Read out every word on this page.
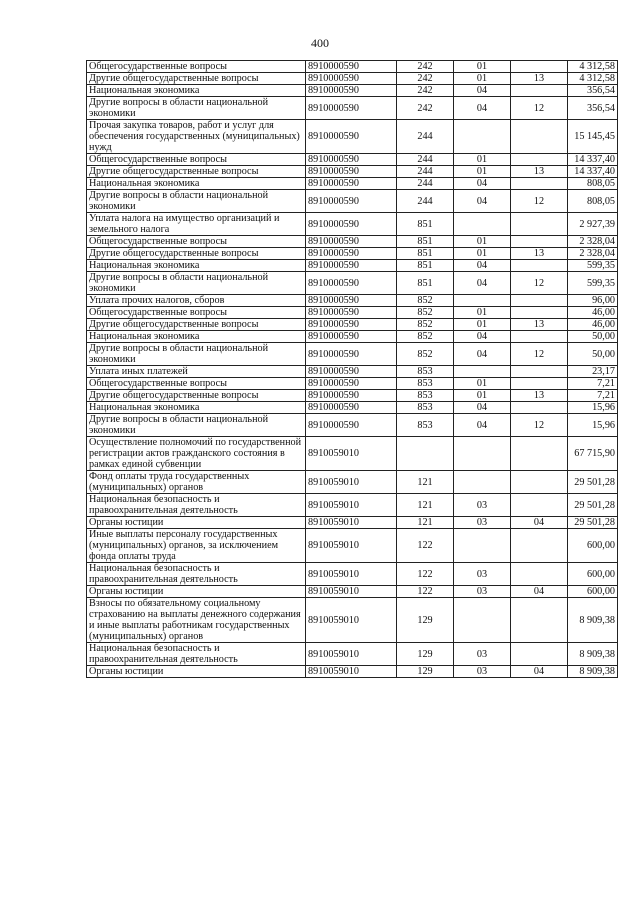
400
Общегосударственные вопросы	8910000590	242	01		4 312,58
Другие общегосударственные вопросы	8910000590	242	01	13	4 312,58
Национальная экономика	8910000590	242	04		356,54
Другие вопросы в области национальной экономики	8910000590	242	04	12	356,54
Прочая закупка товаров, работ и услуг для обеспечения государственных (муниципальных) нужд	8910000590	244			15 145,45
Общегосударственные вопросы	8910000590	244	01		14 337,40
Другие общегосударственные вопросы	8910000590	244	01	13	14 337,40
Национальная экономика	8910000590	244	04		808,05
Другие вопросы в области национальной экономики	8910000590	244	04	12	808,05
Уплата налога на имущество организаций и земельного налога	8910000590	851			2 927,39
Общегосударственные вопросы	8910000590	851	01		2 328,04
Другие общегосударственные вопросы	8910000590	851	01	13	2 328,04
Национальная экономика	8910000590	851	04		599,35
Другие вопросы в области национальной экономики	8910000590	851	04	12	599,35
Уплата прочих налогов, сборов	8910000590	852			96,00
Общегосударственные вопросы	8910000590	852	01		46,00
Другие общегосударственные вопросы	8910000590	852	01	13	46,00
Национальная экономика	8910000590	852	04		50,00
Другие вопросы в области национальной экономики	8910000590	852	04	12	50,00
Уплата иных платежей	8910000590	853			23,17
Общегосударственные вопросы	8910000590	853	01		7,21
Другие общегосударственные вопросы	8910000590	853	01	13	7,21
Национальная экономика	8910000590	853	04		15,96
Другие вопросы в области национальной экономики	8910000590	853	04	12	15,96
Осуществление полномочий по государственной регистрации актов гражданского состояния в рамках единой субвенции	8910059010				67 715,90
Фонд оплаты труда государственных (муниципальных) органов	8910059010	121			29 501,28
Национальная безопасность и правоохранительная деятельность	8910059010	121	03		29 501,28
Органы юстиции	8910059010	121	03	04	29 501,28
Иные выплаты персоналу государственных (муниципальных) органов, за исключением фонда оплаты труда	8910059010	122			600,00
Национальная безопасность и правоохранительная деятельность	8910059010	122	03		600,00
Органы юстиции	8910059010	122	03	04	600,00
Взносы по обязательному социальному страхованию на выплаты денежного содержания и иные выплаты работникам государственных (муниципальных) органов	8910059010	129			8 909,38
Национальная безопасность и правоохранительная деятельность	8910059010	129	03		8 909,38
Органы юстиции	8910059010	129	03	04	8 909,38
